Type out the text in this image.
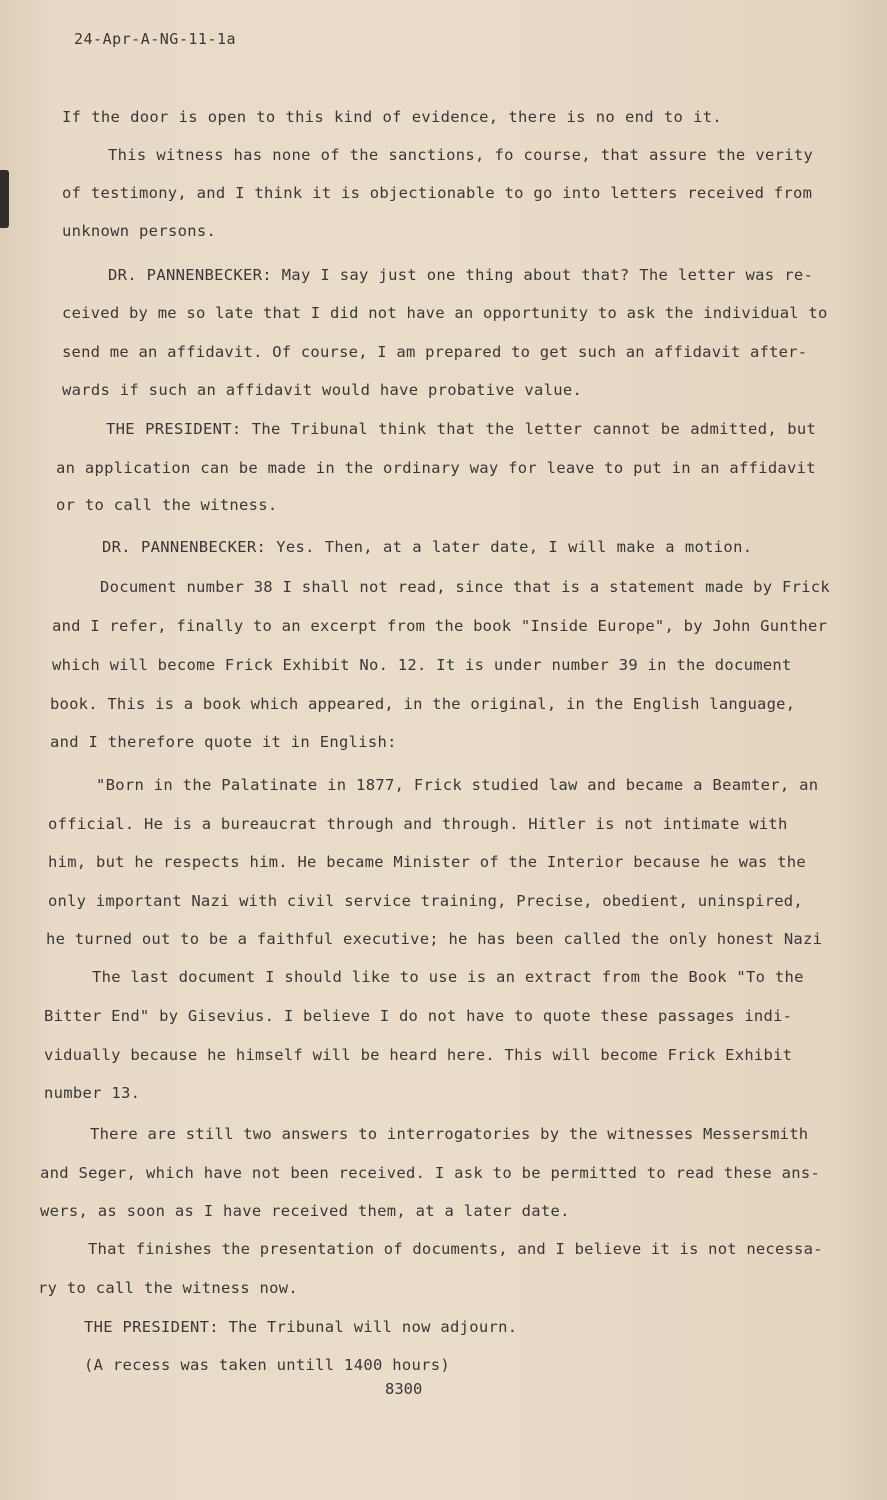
24-Apr-A-NG-11-1a
If the door is open to this kind of evidence, there is no end to it.
This witness has none of the sanctions, fo course, that assure the verity
of testimony, and I think it is objectionable to go into letters received from
unknown persons.
DR. PANNENBECKER: May I say just one thing about that? The letter was re-
ceived by me so late that I did not have an opportunity to ask the individual to
send me an affidavit. Of course, I am prepared to get such an affidavit after-
wards if such an affidavit would have probative value.
THE PRESIDENT: The Tribunal think that the letter cannot be admitted, but
an application can be made in the ordinary way for leave to put in an affidavit
or to call the witness.
DR. PANNENBECKER: Yes. Then, at a later date, I will make a motion.
Document number 38 I shall not read, since that is a statement made by Frick
and I refer, finally to an excerpt from the book "Inside Europe", by John Gunther
which will become Frick Exhibit No. 12. It is under number 39 in the document
book. This is a book which appeared, in the original, in the English language,
and I therefore quote it in English:
"Born in the Palatinate in 1877, Frick studied law and became a Beamter, an
official. He is a bureaucrat through and through. Hitler is not intimate with
him, but he respects him. He became Minister of the Interior because he was the
only important Nazi with civil service training, Precise, obedient, uninspired,
he turned out to be a faithful executive; he has been called the only honest Nazi
The last document I should like to use is an extract from the Book "To the
Bitter End" by Gisevius. I believe I do not have to quote these passages indi-
vidually because he himself will be heard here. This will become Frick Exhibit
number 13.
There are still two answers to interrogatories by the witnesses Messersmith
and Seger, which have not been received. I ask to be permitted to read these ans-
wers, as soon as I have received them, at a later date.
That finishes the presentation of documents, and I believe it is not necessa-
ry to call the witness now.
THE PRESIDENT: The Tribunal will now adjourn.
(A recess was taken untill 1400 hours)
8300
